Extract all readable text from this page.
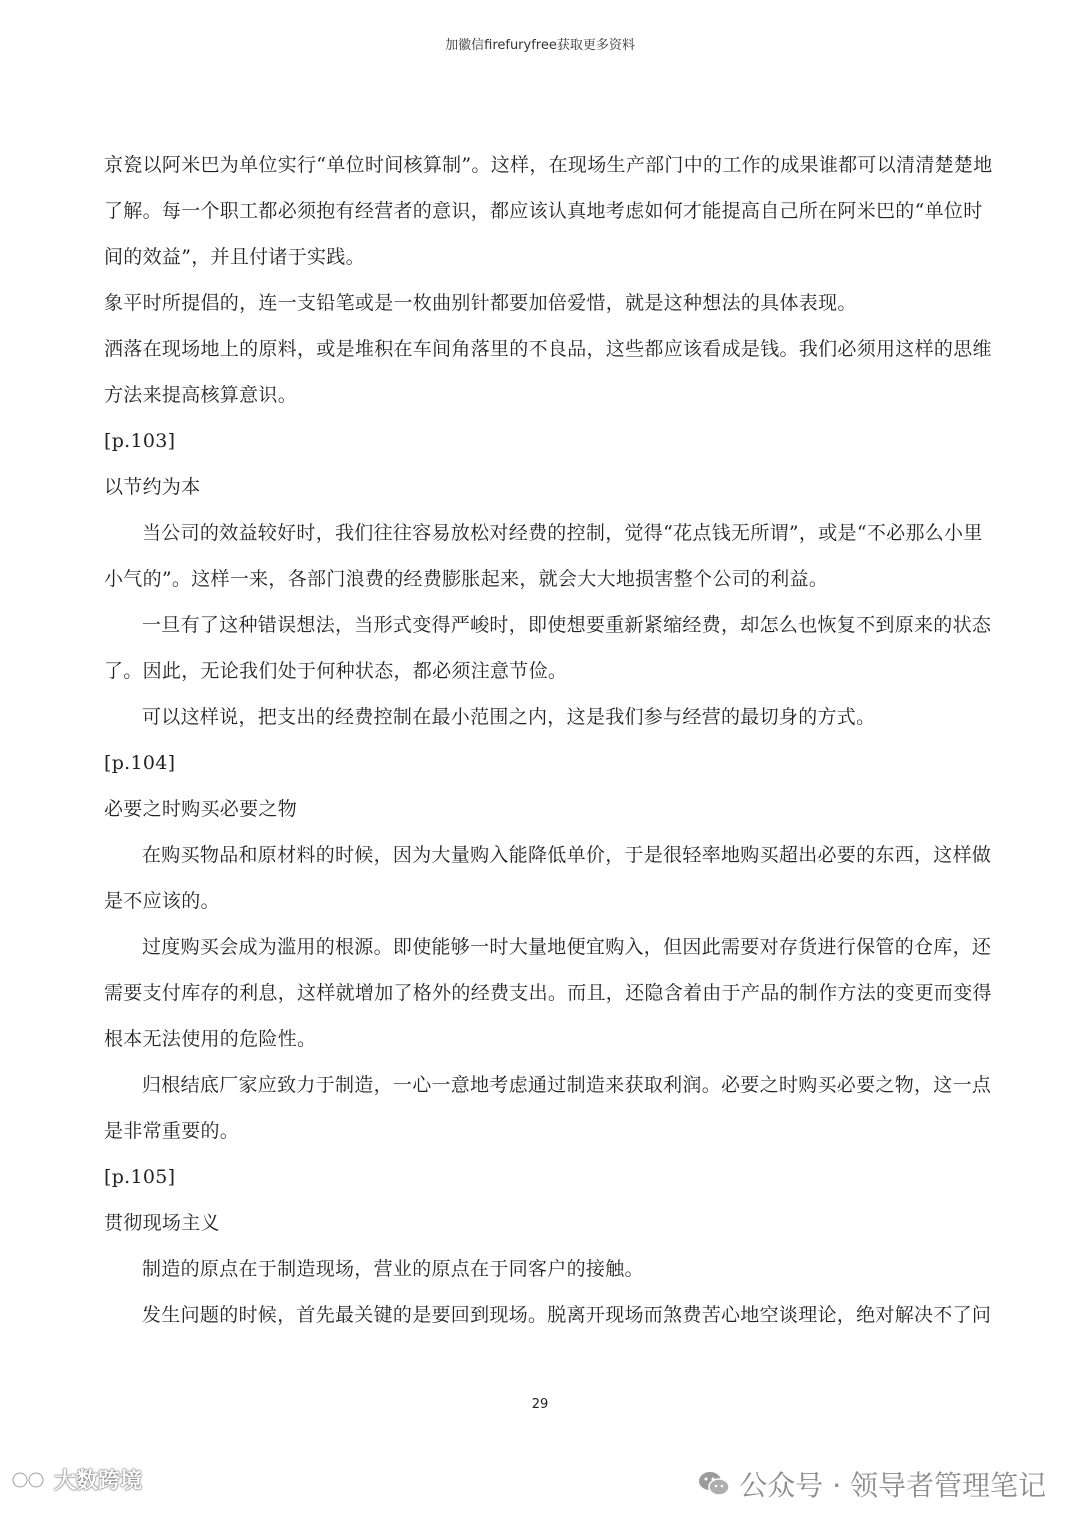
加徽信firefuryfree获取更多资料
京瓷以阿米巴为单位实行“单位时间核算制”。这样，在现场生产部门中的工作的成果谁都可以清清楚楚地
了解。每一个职工都必须抱有经营者的意识，都应该认真地考虑如何才能提高自己所在阿米巴的“单位时
间的效益”，并且付诸于实践。
象平时所提倡的，连一支铅笔或是一枚曲别针都要加倍爱惜，就是这种想法的具体表现。
洒落在现场地上的原料，或是堆积在车间角落里的不良品，这些都应该看成是钱。我们必须用这样的思维
方法来提高核算意识。
[p.103]
以节约为本
当公司的效益较好时，我们往往容易放松对经费的控制，觉得“花点钱无所谓”，或是“不必那么小里
小气的”。这样一来，各部门浪费的经费膨胀起来，就会大大地损害整个公司的利益。
一旦有了这种错误想法，当形式变得严峻时，即使想要重新紧缩经费，却怎么也恢复不到原来的状态
了。因此，无论我们处于何种状态，都必须注意节俭。
可以这样说，把支出的经费控制在最小范围之内，这是我们参与经营的最切身的方式。
[p.104]
必要之时购买必要之物
在购买物品和原材料的时候，因为大量购入能降低单价，于是很轻率地购买超出必要的东西，这样做
是不应该的。
过度购买会成为滥用的根源。即使能够一时大量地便宜购入，但因此需要对存货进行保管的仓库，还
需要支付库存的利息，这样就增加了格外的经费支出。而且，还隐含着由于产品的制作方法的变更而变得
根本无法使用的危险性。
归根结底厂家应致力于制造，一心一意地考虑通过制造来获取利润。必要之时购买必要之物，这一点
是非常重要的。
[p.105]
贯彻现场主义
制造的原点在于制造现场，营业的原点在于同客户的接触。
发生问题的时候，首先最关键的是要回到现场。脱离开现场而煞费苦心地空谈理论，绝对解决不了问
29
大数跨境	公众号 · 领导者管理笔记
